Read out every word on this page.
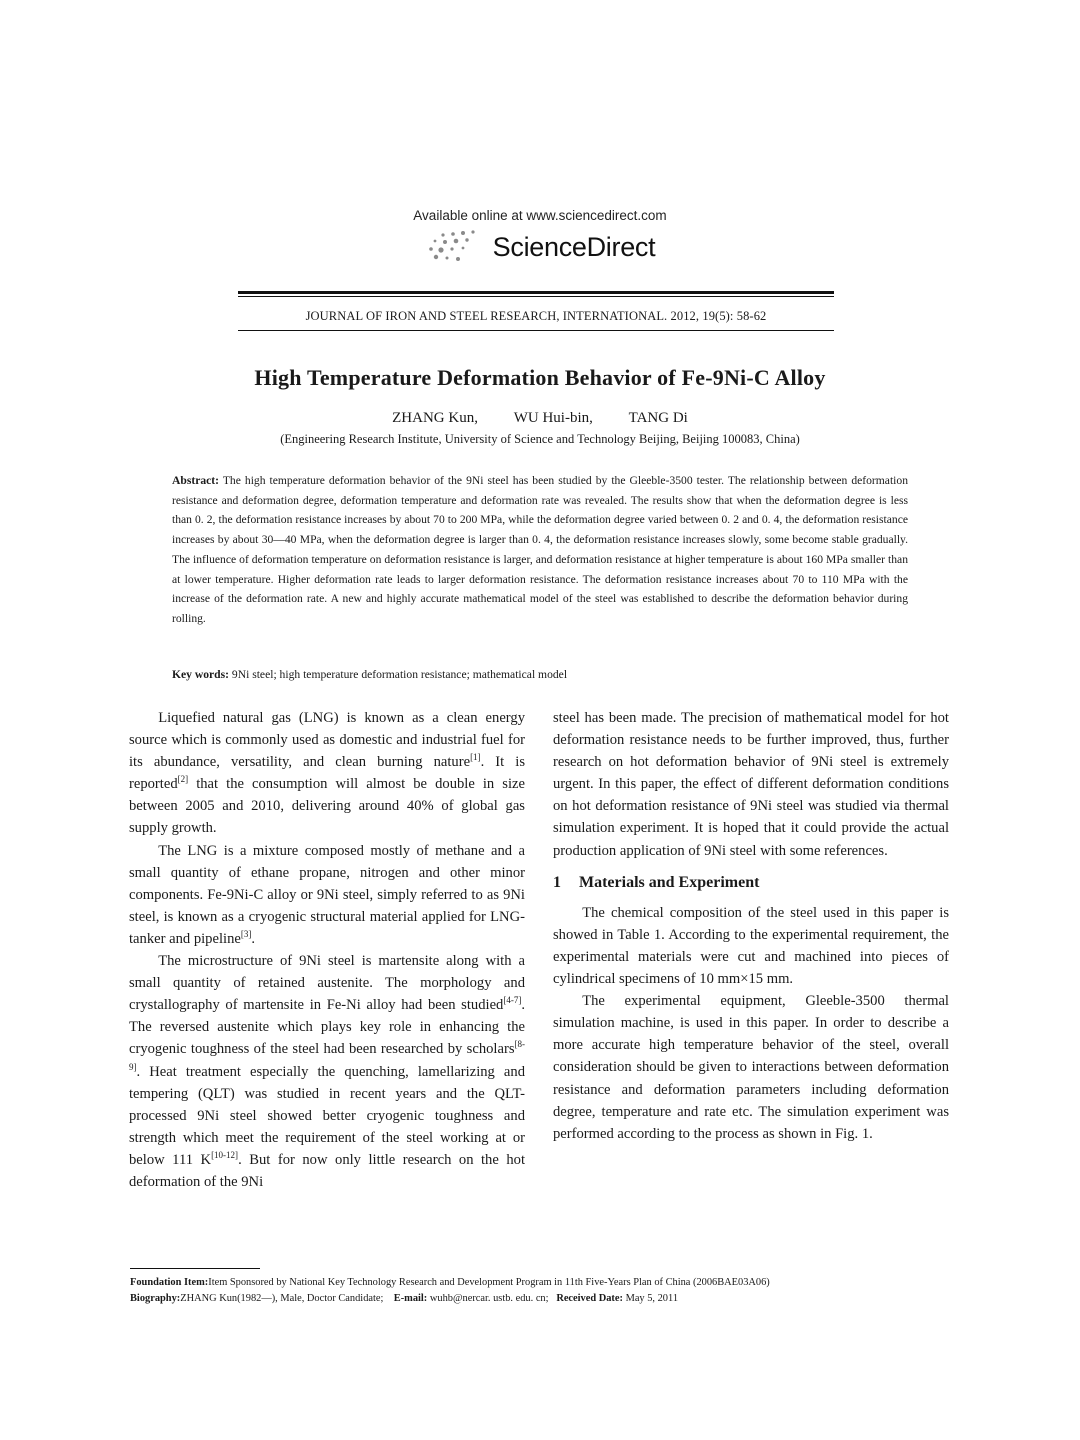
Available online at www.sciencedirect.com
ScienceDirect
JOURNAL OF IRON AND STEEL RESEARCH, INTERNATIONAL. 2012, 19(5): 58-62
High Temperature Deformation Behavior of Fe-9Ni-C Alloy
ZHANG Kun, WU Hui-bin, TANG Di
(Engineering Research Institute, University of Science and Technology Beijing, Beijing 100083, China)
Abstract: The high temperature deformation behavior of the 9Ni steel has been studied by the Gleeble-3500 tester. The relationship between deformation resistance and deformation degree, deformation temperature and deformation rate was revealed. The results show that when the deformation degree is less than 0. 2, the deformation resistance increases by about 70 to 200 MPa, while the deformation degree varied between 0. 2 and 0. 4, the deformation resistance increases by about 30—40 MPa, when the deformation degree is larger than 0. 4, the deformation resistance increases slowly, some become stable gradually. The influence of deformation temperature on deformation resistance is larger, and deformation resistance at higher temperature is about 160 MPa smaller than at lower temperature. Higher deformation rate leads to larger deformation resistance. The deformation resistance increases about 70 to 110 MPa with the increase of the deformation rate. A new and highly accurate mathematical model of the steel was established to describe the deformation behavior during rolling.
Key words: 9Ni steel; high temperature deformation resistance; mathematical model

Liquefied natural gas (LNG) is known as a clean energy source which is commonly used as domestic and industrial fuel for its abundance, versatility, and clean burning nature[1]. It is reported[2] that the consumption will almost be double in size between 2005 and 2010, delivering around 40% of global gas supply growth.

The LNG is a mixture composed mostly of methane and a small quantity of ethane propane, nitrogen and other minor components. Fe-9Ni-C alloy or 9Ni steel, simply referred to as 9Ni steel, is known as a cryogenic structural material applied for LNG-tanker and pipeline[3].

The microstructure of 9Ni steel is martensite along with a small quantity of retained austenite. The morphology and crystallography of martensite in Fe-Ni alloy had been studied[4-7]. The reversed austenite which plays key role in enhancing the cryogenic toughness of the steel had been researched by scholars[8-9]. Heat treatment especially the quenching, lamellarizing and tempering (QLT) was studied in recent years and the QLT-processed 9Ni steel showed better cryogenic toughness and strength which meet the requirement of the steel working at or below 111 K[10-12]. But for now only little research on the hot deformation of the 9Ni

steel has been made. The precision of mathematical model for hot deformation resistance needs to be further improved, thus, further research on hot deformation behavior of 9Ni steel is extremely urgent. In this paper, the effect of different deformation conditions on hot deformation resistance of 9Ni steel was studied via thermal simulation experiment. It is hoped that it could provide the actual production application of 9Ni steel with some references.

1 Materials and Experiment

The chemical composition of the steel used in this paper is showed in Table 1. According to the experimental requirement, the experimental materials were cut and machined into pieces of cylindrical specimens of 10 mm×15 mm.

The experimental equipment, Gleeble-3500 thermal simulation machine, is used in this paper. In order to describe a more accurate high temperature behavior of the steel, overall consideration should be given to interactions between deformation resistance and deformation parameters including deformation degree, temperature and rate etc. The simulation experiment was performed according to the process as shown in Fig. 1.

Foundation Item:Item Sponsored by National Key Technology Research and Development Program in 11th Five-Years Plan of China (2006BAE03A06)
Biography:ZHANG Kun(1982—), Male, Doctor Candidate; E-mail: wuhb@nercar. ustb. edu. cn; Received Date: May 5, 2011
